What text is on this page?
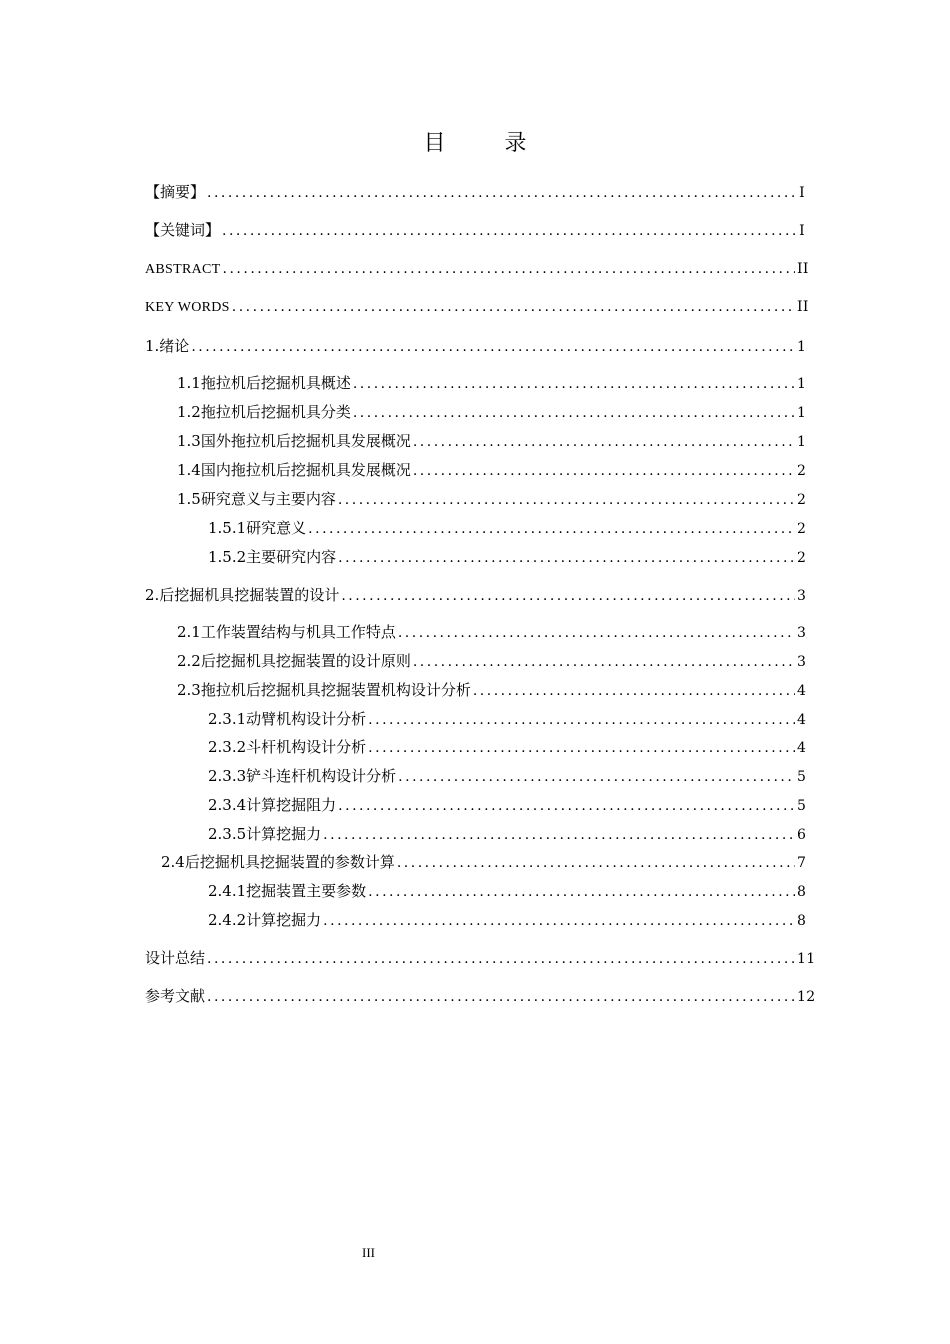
目 录
【摘要】 .....	I
【关键词】 .....	I
ABSTRACT .....	II
KEY WORDS .....	II
1.绪论 .....	1
1.1拖拉机后挖掘机具概述 .....	1
1.2拖拉机后挖掘机具分类 .....	1
1.3国外拖拉机后挖掘机具发展概况 .....	1
1.4国内拖拉机后挖掘机具发展概况 .....	2
1.5研究意义与主要内容 .....	2
1.5.1研究意义 .....	2
1.5.2主要研究内容 .....	2
2.后挖掘机具挖掘装置的设计 .....	3
2.1工作装置结构与机具工作特点 .....	3
2.2后挖掘机具挖掘装置的设计原则 .....	3
2.3拖拉机后挖掘机具挖掘装置机构设计分析 .....	4
2.3.1动臂机构设计分析 .....	4
2.3.2斗杆机构设计分析 .....	4
2.3.3铲斗连杆机构设计分析 .....	5
2.3.4计算挖掘阻力 .....	5
2.3.5计算挖掘力 .....	6
2.4后挖掘机具挖掘装置的参数计算 .....	7
2.4.1挖掘装置主要参数 .....	8
2.4.2计算挖掘力 .....	8
设计总结 .....	11
参考文献 .....	12
III
